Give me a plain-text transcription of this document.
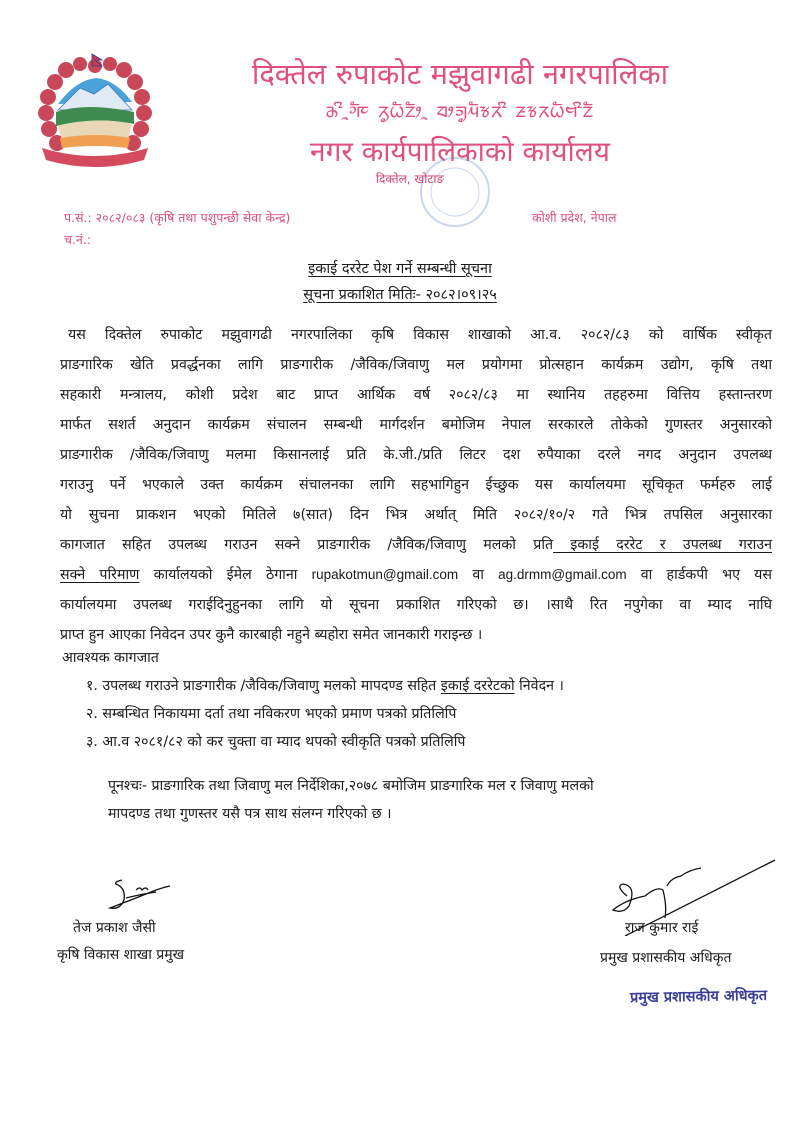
दिक्तेल रुपाकोट मझुवागढी नगरपालिका
ᤌᤡᤳᤆᤠᤰ ᤖᤢᤐᤠᤁᤥᤳ ᤔᤣᤈᤢᤘᤠᤃᤖᤡ ᤏᤃᤖᤐᤠᤗᤡᤁᤠ
नगर कार्यपालिकाको कार्यालय
दिक्तेल, खोटाङ
प.सं.: २०८२/०८३ (कृषि तथा पशुपन्छी सेवा केन्द्र)	कोशी प्रदेश, नेपाल
च.नं.:
इकाई दररेट पेश गर्ने सम्बन्धी सूचना
सूचना प्रकाशित मितिः- २०८२।०९।२५
यस दिक्तेल रुपाकोट मझुवागढी नगरपालिका कृषि विकास शाखाको आ.व. २०८२/८३ को वार्षिक स्वीकृत
प्राङगारिक खेति प्रवर्द्धनका लागि प्राङगारीक /जैविक/जिवाणु मल प्रयोगमा प्रोत्सहान कार्यक्रम उद्योग, कृषि तथा
सहकारी मन्त्रालय, कोशी प्रदेश बाट प्राप्त आर्थिक वर्ष २०८२/८३ मा स्थानिय तहहरुमा वित्तिय हस्तान्तरण
मार्फत सशर्त अनुदान कार्यक्रम संचालन सम्बन्धी मार्गदर्शन बमोजिम नेपाल सरकारले तोकेको गुणस्तर अनुसारको
प्राङगारीक /जैविक/जिवाणु मलमा किसानलाई प्रति के.जी./प्रति लिटर दश रुपैयाका दरले नगद अनुदान उपलब्ध
गराउनु पर्ने भएकाले उक्त कार्यक्रम संचालनका लागि सहभागिहुन ईच्छुक यस कार्यालयमा सूचिकृत फर्महरु लाई
यो सुचना प्राकशन भएको मितिले ७(सात) दिन भित्र अर्थात् मिति २०८२/१०/२ गते भित्र तपसिल अनुसारका
कागजात सहित उपलब्ध गराउन सक्ने प्राङगारीक /जैविक/जिवाणु मलको प्रति इकाई दररेट र उपलब्ध गराउन
सक्ने परिमाण कार्यालयको ईमेल ठेगाना rupakotmun@gmail.com वा ag.drmm@gmail.com वा हार्डकपी भए यस
कार्यालयमा उपलब्ध गराईदिनुहुनका लागि यो सूचना प्रकाशित गरिएको छ। ।साथै रित नपुगेका वा म्याद नाघि
प्राप्त हुन आएका निवेदन उपर कुनै कारबाही नहुने ब्यहोरा समेत जानकारी गराइन्छ ।
आवश्यक कागजात
१. उपलब्ध गराउने प्राङगारीक /जैविक/जिवाणु मलको मापदण्ड सहित इकाई दररेटको निवेदन ।
२. सम्बन्धित निकायमा दर्ता तथा नविकरण भएको प्रमाण पत्रको प्रतिलिपि
३. आ.व २०८१/८२ को कर चुक्ता वा म्याद थपको स्वीकृति पत्रको प्रतिलिपि
पूनश्चः- प्राङगारिक तथा जिवाणु मल निर्देशिका,२०७८ बमोजिम प्राङगारिक मल र जिवाणु मलको
मापदण्ड तथा गुणस्तर यसै पत्र साथ संलग्न गरिएको छ ।
तेज प्रकाश जैसी
कृषि विकास शाखा प्रमुख
राज कुमार राई
प्रमुख प्रशासकीय अधिकृत
प्रमुख प्रशासकीय अधिकृत
